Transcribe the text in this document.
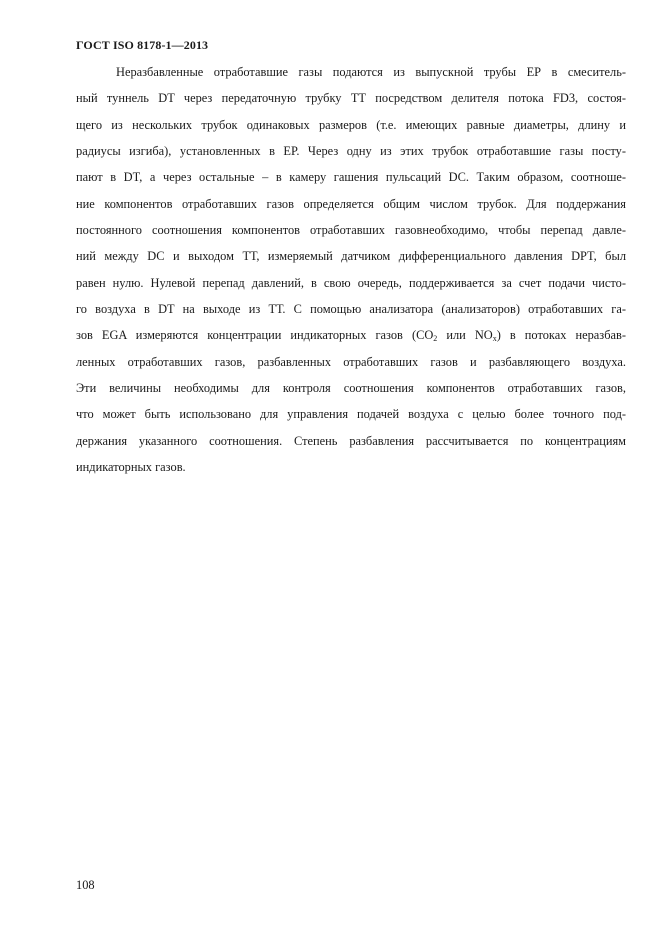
ГОСТ ISO 8178-1—2013
Неразбавленные отработавшие газы подаются из выпускной трубы ЕР в смеситель-
ный туннель DT через передаточную трубку ТТ посредством делителя потока FD3, состоя-
щего из нескольких трубок одинаковых размеров (т.е. имеющих равные диаметры, длину и
радиусы изгиба), установленных в ЕР. Через одну из этих трубок отработавшие газы посту-
пают в DT, а через остальные – в камеру гашения пульсаций DC. Таким образом, соотноше-
ние компонентов отработавших газов определяется общим числом трубок. Для поддержания
постоянного соотношения компонентов отработавших газовнеобходимо, чтобы перепад давле-
ний между DC и выходом ТТ, измеряемый датчиком дифференциального давления DPT, был
равен нулю. Нулевой перепад давлений, в свою очередь, поддерживается за счет подачи чисто-
го воздуха в DT на выходе из ТТ. С помощью анализатора (анализаторов) отработавших га-
зов EGA измеряются концентрации индикаторных газов ($CO_2$ или $NO_x$) в потоках неразбав-
ленных отработавших газов, разбавленных отработавших газов и разбавляющего воздуха.
Эти величины необходимы для контроля соотношения компонентов отработавших газов,
что может быть использовано для управления подачей воздуха с целью более точного под-
держания указанного соотношения. Степень разбавления рассчитывается по концентрациям
индикаторных газов.
108
